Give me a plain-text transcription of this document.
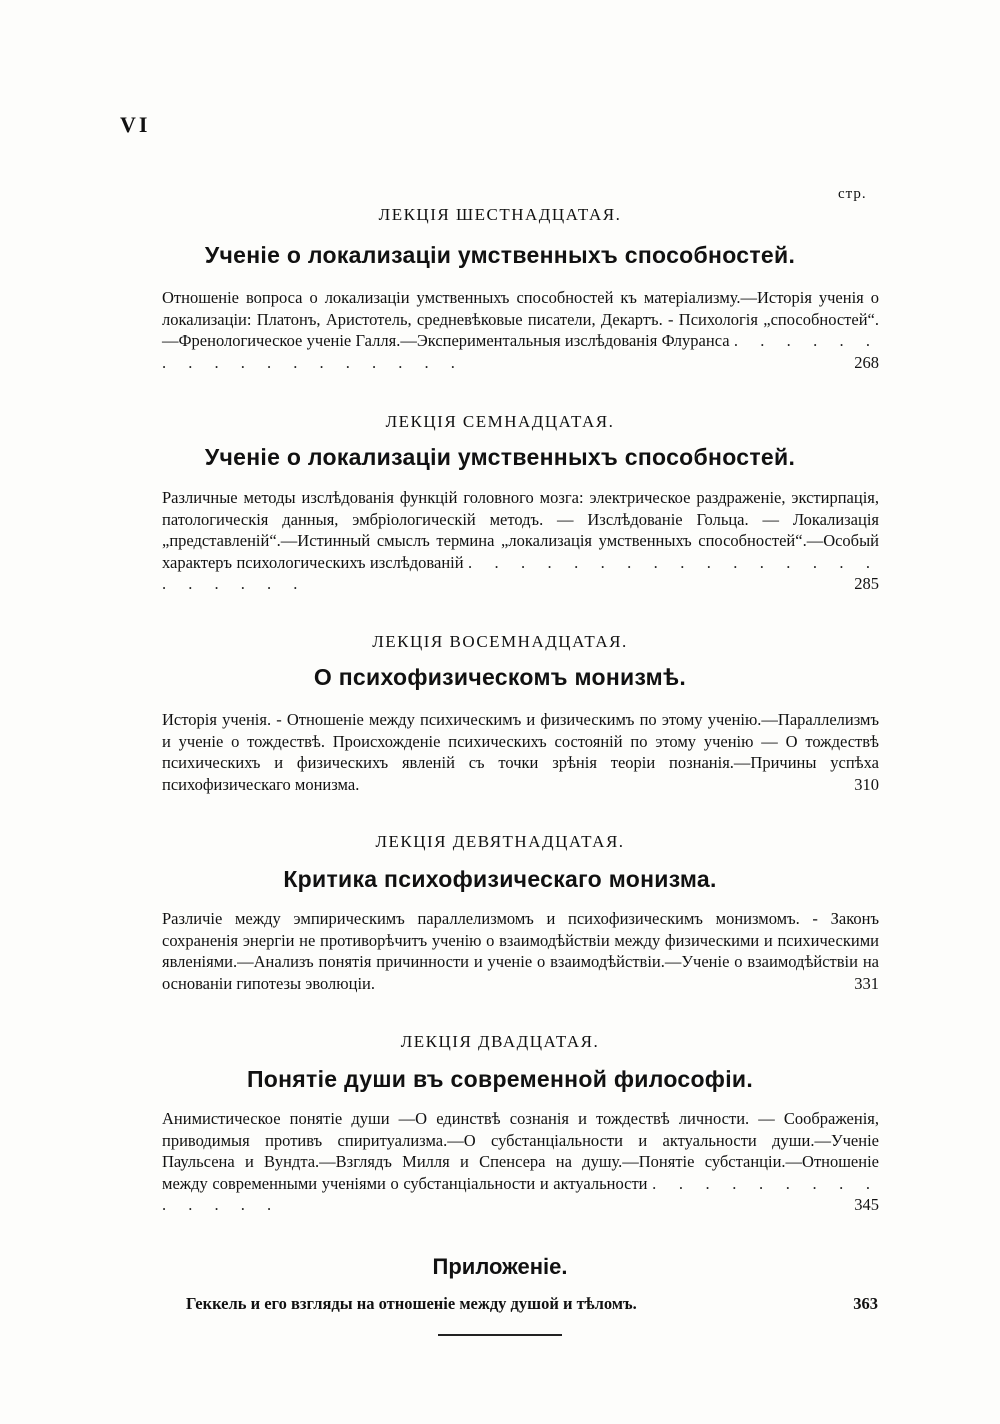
VI
стр.
ЛЕКЦІЯ ШЕСТНАДЦАТАЯ.
Ученіе о локализаціи умственныхъ способностей.
Отношеніе вопроса о локализаціи умственныхъ способностей къ матеріализму.—Исторія ученія о локализаціи: Платонъ, Аристотель, средневѣковые писатели, Декартъ. - Психологія „способностей“.—Френологическое ученіе Галля.—Экспериментальныя изслѣдованія Флуранса . . . . . . . . . . . . . . . . . .	268
ЛЕКЦІЯ СЕМНАДЦАТАЯ.
Ученіе о локализаціи умственныхъ способностей.
Различные методы изслѣдованія функцій головного мозга: электрическое раздраженіе, экстирпація, патологическія данныя, эмбріологическій методъ. — Изслѣдованіе Гольца. — Локализація „представленій“.—Истинный смыслъ термина „локализація умственныхъ способностей“.—Особый характеръ психологическихъ изслѣдованій . . . . . . . . . . . . . . . . . . . . . .	285
ЛЕКЦІЯ ВОСЕМНАДЦАТАЯ.
О психофизическомъ монизмѣ.
Исторія ученія. - Отношеніе между психическимъ и физическимъ по этому ученію.—Параллелизмъ и ученіе о тождествѣ. Происхожденіе психическихъ состояній по этому ученію — О тождествѣ психическихъ и физическихъ явленій съ точки зрѣнія теоріи познанія.—Причины успѣха психофизическаго монизма.	310
ЛЕКЦІЯ ДЕВЯТНАДЦАТАЯ.
Критика психофизическаго монизма.
Различіе между эмпирическимъ параллелизмомъ и психофизическимъ монизмомъ. - Законъ сохраненія энергіи не противорѣчитъ ученію о взаимодѣйствіи между физическими и психическими явленіями.—Анализъ понятія причинности и ученіе о взаимодѣйствіи.—Ученіе о взаимодѣйствіи на основаніи гипотезы эволюціи.	331
ЛЕКЦІЯ ДВАДЦАТАЯ.
Понятіе души въ современной философіи.
Анимистическое понятіе души —О единствѣ сознанія и тождествѣ личности. — Соображенія, приводимыя противъ спиритуализма.—О субстанціальности и актуальности души.—Ученіе Паульсена и Вундта.—Взглядъ Милля и Спенсера на душу.—Понятіе субстанціи.—Отношеніе между современными ученіями о субстанціальности и актуальности . . . . . . . . . . . . . .	345
Приложеніе.
Геккель и его взгляды на отношеніе между душой и тѣломъ.	363
